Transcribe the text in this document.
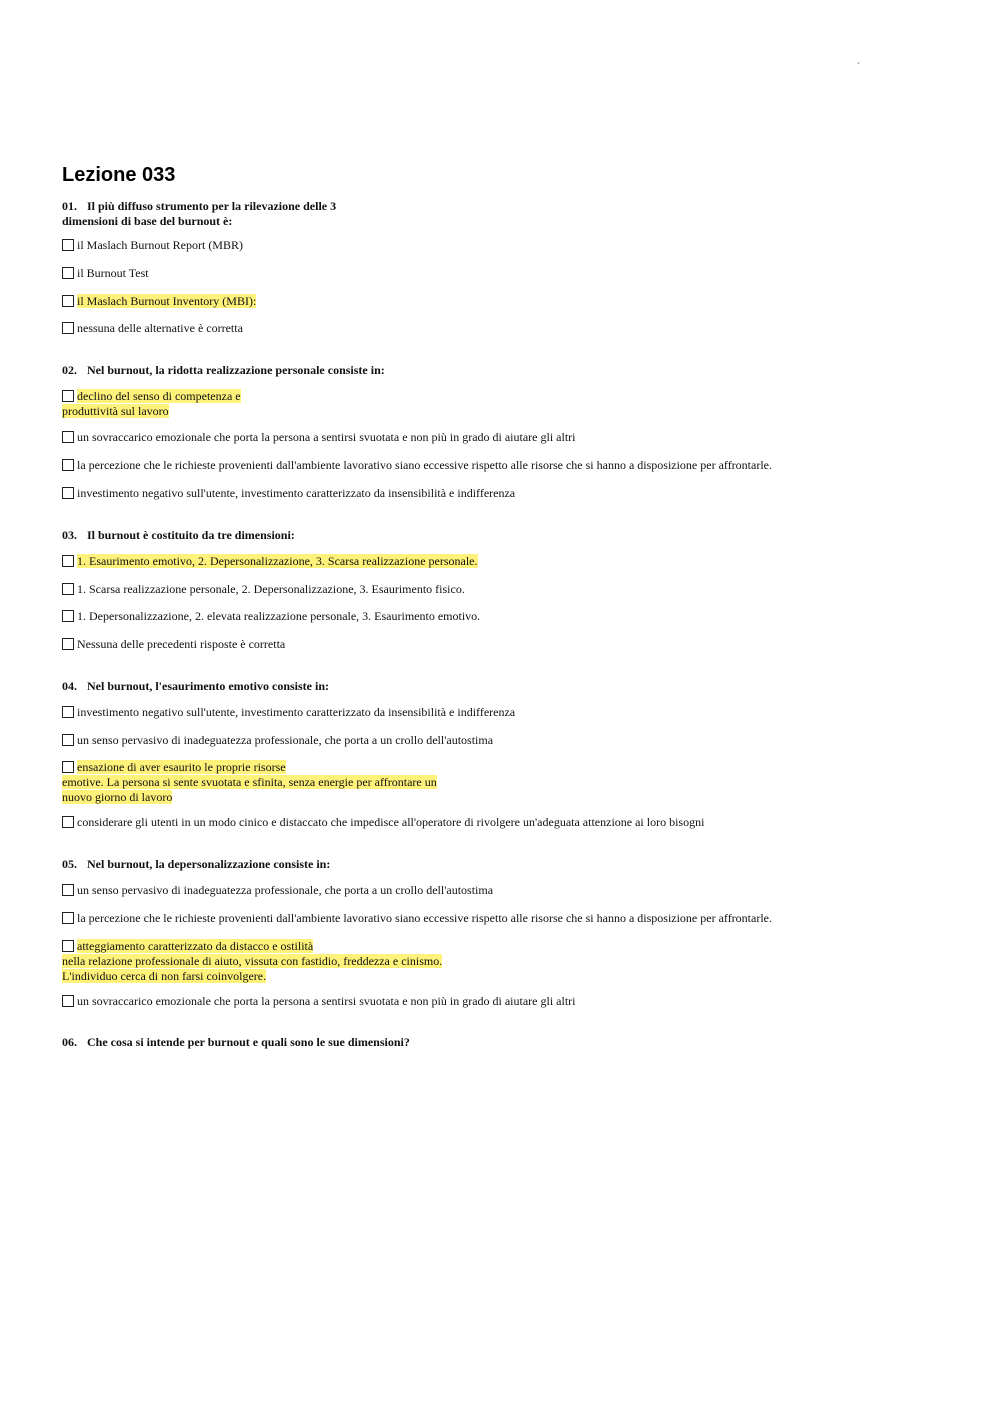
´
Lezione 033
01. Il più diffuso strumento per la rilevazione delle 3
dimensioni di base del burnout è:
il Maslach Burnout Report (MBR)
il Burnout Test
il Maslach Burnout Inventory (MBI):
nessuna delle alternative è corretta
02. Nel burnout, la ridotta realizzazione personale consiste in:
declino del senso di competenza e
produttività sul lavoro
un sovraccarico emozionale che porta la persona a sentirsi svuotata e non più in grado di aiutare gli altri
la percezione che le richieste provenienti dall'ambiente lavorativo siano eccessive rispetto alle risorse che si hanno a disposizione per affrontarle.
investimento negativo sull'utente, investimento caratterizzato da insensibilità e indifferenza
03. Il burnout è costituito da tre dimensioni:
1. Esaurimento emotivo, 2. Depersonalizzazione, 3. Scarsa realizzazione personale.
1. Scarsa realizzazione personale, 2. Depersonalizzazione, 3. Esaurimento fisico.
1. Depersonalizzazione, 2. elevata realizzazione personale, 3. Esaurimento emotivo.
Nessuna delle precedenti risposte è corretta
04. Nel burnout, l'esaurimento emotivo consiste in:
investimento negativo sull'utente, investimento caratterizzato da insensibilità e indifferenza
un senso pervasivo di inadeguatezza professionale, che porta a un crollo dell'autostima
ensazione di aver esaurito le proprie risorse
emotive. La persona si sente svuotata e sfinita, senza energie per affrontare un
nuovo giorno di lavoro
considerare gli utenti in un modo cinico e distaccato che impedisce all'operatore di rivolgere un'adeguata attenzione ai loro bisogni
05. Nel burnout, la depersonalizzazione consiste in:
un senso pervasivo di inadeguatezza professionale, che porta a un crollo dell'autostima
la percezione che le richieste provenienti dall'ambiente lavorativo siano eccessive rispetto alle risorse che si hanno a disposizione per affrontarle.
atteggiamento caratterizzato da distacco e ostilità
nella relazione professionale di aiuto, vissuta con fastidio, freddezza e cinismo.
L'individuo cerca di non farsi coinvolgere.
un sovraccarico emozionale che porta la persona a sentirsi svuotata e non più in grado di aiutare gli altri
06. Che cosa si intende per burnout e quali sono le sue dimensioni?
